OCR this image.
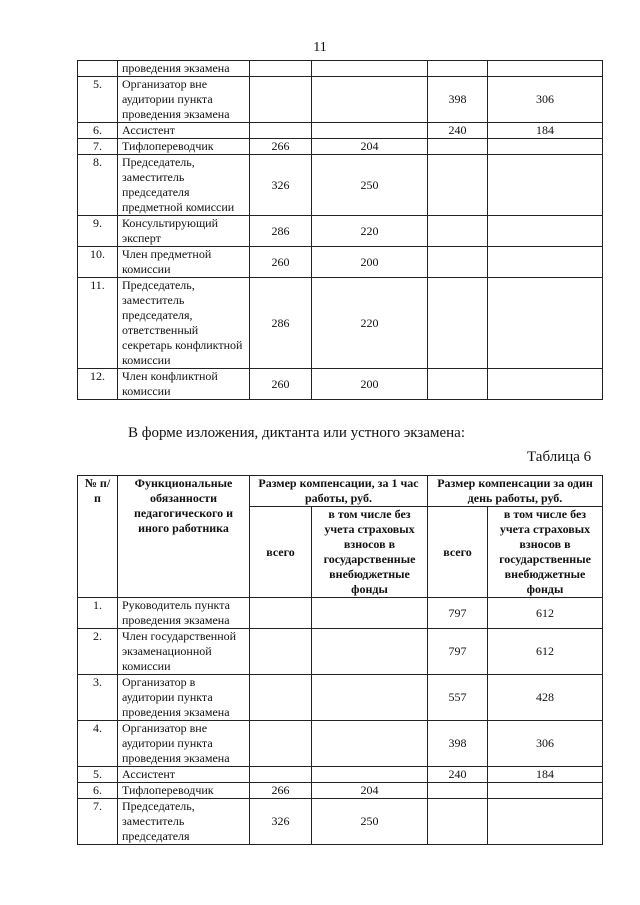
11
	проведения экзамена				
5.	Организатор вне аудитории пункта проведения экзамена			398	306
6.	Ассистент			240	184
7.	Тифлопереводчик	266	204		
8.	Председатель, заместитель председателя предметной комиссии	326	250		
9.	Консультирующий эксперт	286	220		
10.	Член предметной комиссии	260	200		
11.	Председатель, заместитель председателя, ответственный секретарь конфликтной комиссии	286	220		
12.	Член конфликтной комиссии	260	200		
В форме изложения, диктанта или устного экзамена:
Таблица 6
№ п/п	Функциональные обязанности педагогического и иного работника	Размер компенсации, за 1 час работы, руб.		Размер компенсации за один день работы, руб.	
		всего	в том числе без учета страховых взносов в государственные внебюджетные фонды	всего	в том числе без учета страховых взносов в государственные внебюджетные фонды
1.	Руководитель пункта проведения экзамена			797	612
2.	Член государственной экзаменационной комиссии			797	612
3.	Организатор в аудитории пункта проведения экзамена			557	428
4.	Организатор вне аудитории пункта проведения экзамена			398	306
5.	Ассистент			240	184
6.	Тифлопереводчик	266	204		
7.	Председатель, заместитель председателя	326	250		
